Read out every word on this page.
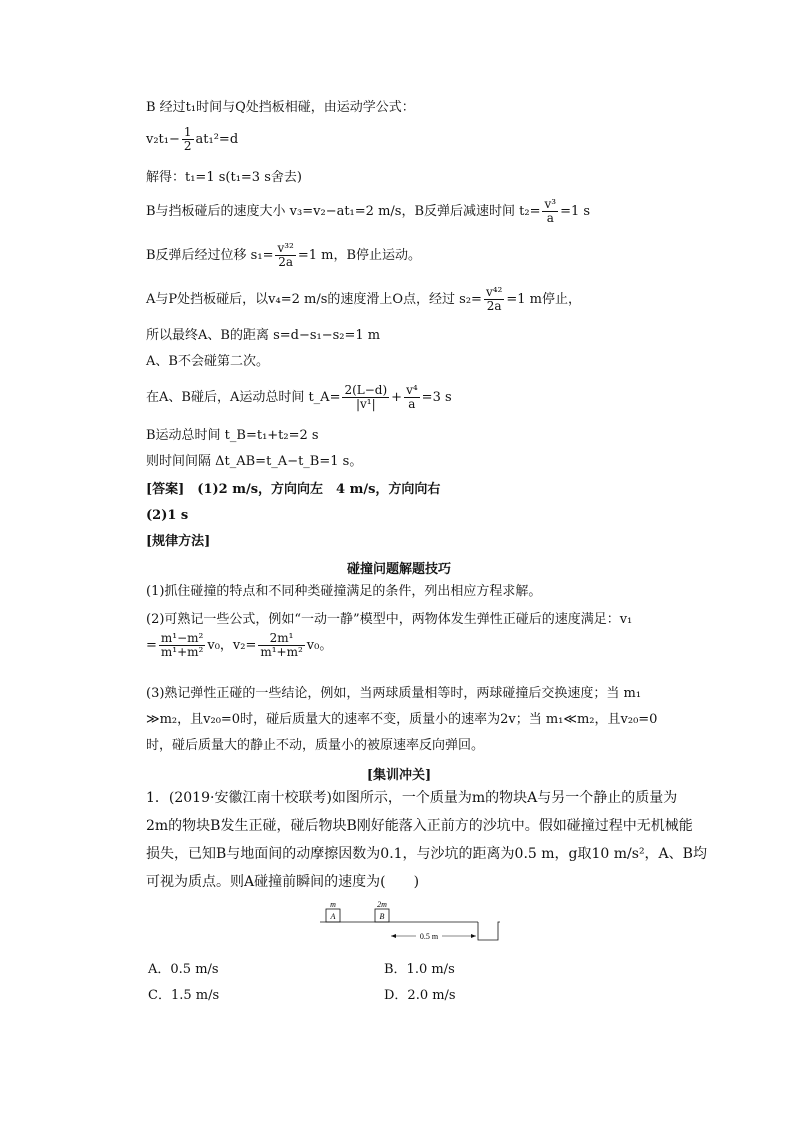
B 经过t₁时间与Q处挡板相碰，由运动学公式：
$v_2t_1- \frac{1}{2} at_1^2=d$
解得：t₁=1 s(t₁=3 s舍去)
B与挡板碰后的速度大小 v₃=v₂−at₁=2 m/s，B反弹后减速时间 $t_2= \frac{\text{v³}}{a} =1$ s
B反弹后经过位移 $s_1= \frac{\text{v³²}}{2a} =1$ m，B停止运动。
A与P处挡板碰后，以v₄=2 m/s的速度滑上O点，经过 $s_2= \frac{\text{v⁴²}}{2a} =1$ m停止，
所以最终A、B的距离 s=d−s₁−s₂=1 m
A、B不会碰第二次。
在A、B碰后，A运动总时间 t_A= $\frac{2(L-d)}{\text{|v¹|}} + \frac{\text{v⁴}}{a} =3$ s
B运动总时间 t_B=t₁+t₂=2 s
则时间间隔 Δt_AB=t_A−t_B=1 s。
[答案]　(1)2 m/s，方向向左　4 m/s，方向向右
(2)1 s
[规律方法]
碰撞问题解题技巧
(1)抓住碰撞的特点和不同种类碰撞满足的条件，列出相应方程求解。
(2)可熟记一些公式，例如“一动一静”模型中，两物体发生弹性正碰后的速度满足：v₁
= $\frac{\text{m¹−m²}}{\text{m¹+m²}} v_0$，$v_2= \frac{\text{2m¹}}{\text{m¹+m²}} v_0$。
(3)熟记弹性正碰的一些结论，例如，当两球质量相等时，两球碰撞后交换速度；当 m₁
≫m₂，且v₂₀=0时，碰后质量大的速率不变，质量小的速率为2v；当 m₁≪m₂，且v₂₀=0
时，碰后质量大的静止不动，质量小的被原速率反向弹回。
[集训冲关]
1．(2019·安徽江南十校联考)如图所示，一个质量为m的物块A与另一个静止的质量为
2m的物块B发生正碰，碰后物块B刚好能落入正前方的沙坑中。假如碰撞过程中无机械能
损失，已知B与地面间的动摩擦因数为0.1，与沙坑的距离为0.5 m，g取10 m/s²，A、B均
可视为质点。则A碰撞前瞬间的速度为(　　)
m
A
2m
B
0.5 m
A．0.5 m/s	B．1.0 m/s
C．1.5 m/s	D．2.0 m/s
